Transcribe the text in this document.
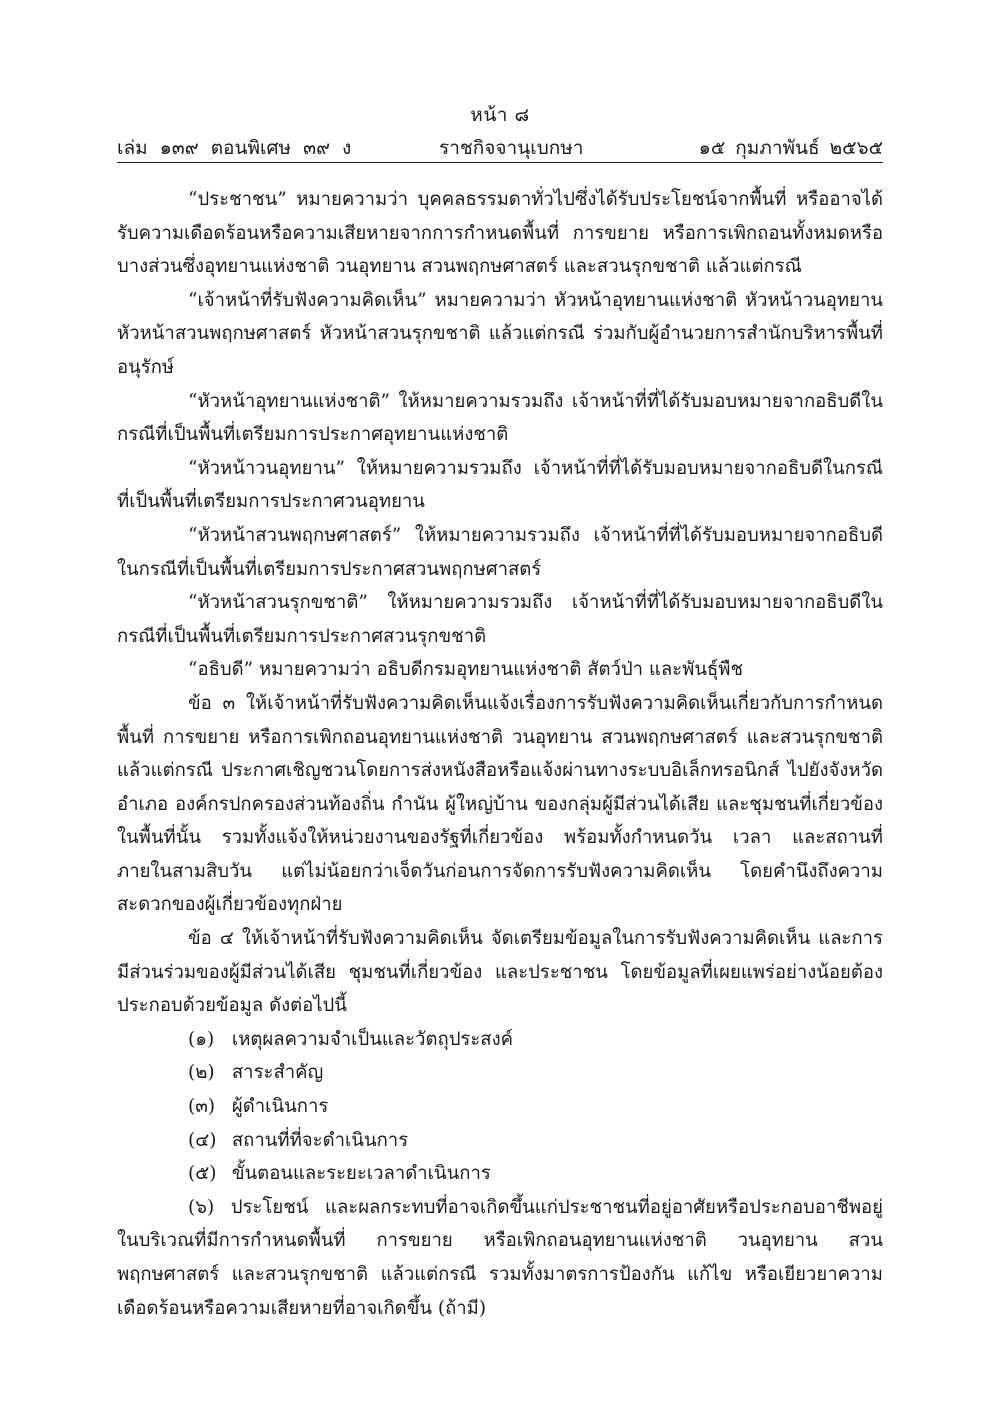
หน้า ๘
เล่ม ๑๓๙ ตอนพิเศษ ๓๙ ง	ราชกิจจานุเบกษา	๑๕ กุมภาพันธ์ ๒๕๖๕

“ประชาชน” หมายความว่า บุคคลธรรมดาทั่วไปซึ่งได้รับประโยชน์จากพื้นที่ หรืออาจได้รับความเดือดร้อนหรือความเสียหายจากการกำหนดพื้นที่ การขยาย หรือการเพิกถอนทั้งหมดหรือบางส่วนซึ่งอุทยานแห่งชาติ วนอุทยาน สวนพฤกษศาสตร์ และสวนรุกขชาติ แล้วแต่กรณี

“เจ้าหน้าที่รับฟังความคิดเห็น” หมายความว่า หัวหน้าอุทยานแห่งชาติ หัวหน้าวนอุทยาน หัวหน้าสวนพฤกษศาสตร์ หัวหน้าสวนรุกขชาติ แล้วแต่กรณี ร่วมกับผู้อำนวยการสำนักบริหารพื้นที่อนุรักษ์

“หัวหน้าอุทยานแห่งชาติ” ให้หมายความรวมถึง เจ้าหน้าที่ที่ได้รับมอบหมายจากอธิบดีในกรณีที่เป็นพื้นที่เตรียมการประกาศอุทยานแห่งชาติ

“หัวหน้าวนอุทยาน” ให้หมายความรวมถึง เจ้าหน้าที่ที่ได้รับมอบหมายจากอธิบดีในกรณีที่เป็นพื้นที่เตรียมการประกาศวนอุทยาน

“หัวหน้าสวนพฤกษศาสตร์” ให้หมายความรวมถึง เจ้าหน้าที่ที่ได้รับมอบหมายจากอธิบดีในกรณีที่เป็นพื้นที่เตรียมการประกาศสวนพฤกษศาสตร์

“หัวหน้าสวนรุกขชาติ” ให้หมายความรวมถึง เจ้าหน้าที่ที่ได้รับมอบหมายจากอธิบดีในกรณีที่เป็นพื้นที่เตรียมการประกาศสวนรุกขชาติ

“อธิบดี” หมายความว่า อธิบดีกรมอุทยานแห่งชาติ สัตว์ป่า และพันธุ์พืช

ข้อ ๓ ให้เจ้าหน้าที่รับฟังความคิดเห็นแจ้งเรื่องการรับฟังความคิดเห็นเกี่ยวกับการกำหนดพื้นที่ การขยาย หรือการเพิกถอนอุทยานแห่งชาติ วนอุทยาน สวนพฤกษศาสตร์ และสวนรุกขชาติ แล้วแต่กรณี ประกาศเชิญชวนโดยการส่งหนังสือหรือแจ้งผ่านทางระบบอิเล็กทรอนิกส์ ไปยังจังหวัด อำเภอ องค์กรปกครองส่วนท้องถิ่น กำนัน ผู้ใหญ่บ้าน ของกลุ่มผู้มีส่วนได้เสีย และชุมชนที่เกี่ยวข้องในพื้นที่นั้น รวมทั้งแจ้งให้หน่วยงานของรัฐที่เกี่ยวข้อง พร้อมทั้งกำหนดวัน เวลา และสถานที่ ภายในสามสิบวัน แต่ไม่น้อยกว่าเจ็ดวันก่อนการจัดการรับฟังความคิดเห็น โดยคำนึงถึงความสะดวกของผู้เกี่ยวข้องทุกฝ่าย

ข้อ ๔ ให้เจ้าหน้าที่รับฟังความคิดเห็น จัดเตรียมข้อมูลในการรับฟังความคิดเห็น และการมีส่วนร่วมของผู้มีส่วนได้เสีย ชุมชนที่เกี่ยวข้อง และประชาชน โดยข้อมูลที่เผยแพร่อย่างน้อยต้องประกอบด้วยข้อมูล ดังต่อไปนี้

(๑) เหตุผลความจำเป็นและวัตถุประสงค์

(๒) สาระสำคัญ

(๓) ผู้ดำเนินการ

(๔) สถานที่ที่จะดำเนินการ

(๕) ขั้นตอนและระยะเวลาดำเนินการ

(๖) ประโยชน์ และผลกระทบที่อาจเกิดขึ้นแก่ประชาชนที่อยู่อาศัยหรือประกอบอาชีพอยู่ในบริเวณที่มีการกำหนดพื้นที่ การขยาย หรือเพิกถอนอุทยานแห่งชาติ วนอุทยาน สวนพฤกษศาสตร์ และสวนรุกขชาติ แล้วแต่กรณี รวมทั้งมาตรการป้องกัน แก้ไข หรือเยียวยาความเดือดร้อนหรือความเสียหายที่อาจเกิดขึ้น (ถ้ามี)
